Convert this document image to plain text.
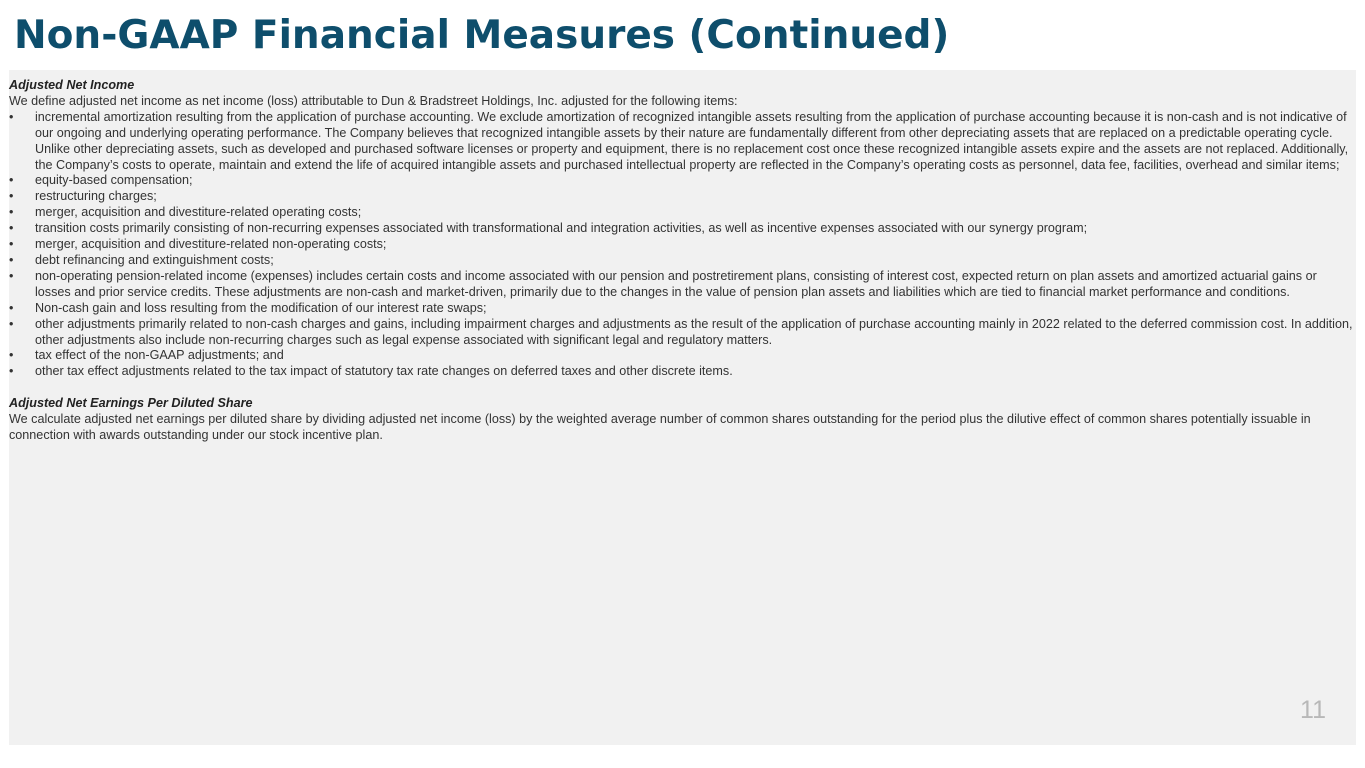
Non-GAAP Financial Measures (Continued)
Adjusted Net Income

We define adjusted net income as net income (loss) attributable to Dun & Bradstreet Holdings, Inc. adjusted for the following items:

• incremental amortization resulting from the application of purchase accounting. We exclude amortization of recognized intangible assets resulting from the application of purchase accounting because it is non-cash and is not indicative of our ongoing and underlying operating performance. The Company believes that recognized intangible assets by their nature are fundamentally different from other depreciating assets that are replaced on a predictable operating cycle. Unlike other depreciating assets, such as developed and purchased software licenses or property and equipment, there is no replacement cost once these recognized intangible assets expire and the assets are not replaced. Additionally, the Company’s costs to operate, maintain and extend the life of acquired intangible assets and purchased intellectual property are reflected in the Company’s operating costs as personnel, data fee, facilities, overhead and similar items;
• equity-based compensation;
• restructuring charges;
• merger, acquisition and divestiture-related operating costs;
• transition costs primarily consisting of non-recurring expenses associated with transformational and integration activities, as well as incentive expenses associated with our synergy program;
• merger, acquisition and divestiture-related non-operating costs;
• debt refinancing and extinguishment costs;
• non-operating pension-related income (expenses) includes certain costs and income associated with our pension and postretirement plans, consisting of interest cost, expected return on plan assets and amortized actuarial gains or losses and prior service credits. These adjustments are non-cash and market-driven, primarily due to the changes in the value of pension plan assets and liabilities which are tied to financial market performance and conditions.
• Non-cash gain and loss resulting from the modification of our interest rate swaps;
• other adjustments primarily related to non-cash charges and gains, including impairment charges and adjustments as the result of the application of purchase accounting mainly in 2022 related to the deferred commission cost. In addition, other adjustments also include non-recurring charges such as legal expense associated with significant legal and regulatory matters.
• tax effect of the non-GAAP adjustments; and
• other tax effect adjustments related to the tax impact of statutory tax rate changes on deferred taxes and other discrete items.
Adjusted Net Earnings Per Diluted Share

We calculate adjusted net earnings per diluted share by dividing adjusted net income (loss) by the weighted average number of common shares outstanding for the period plus the dilutive effect of common shares potentially issuable in connection with awards outstanding under our stock incentive plan.

11
